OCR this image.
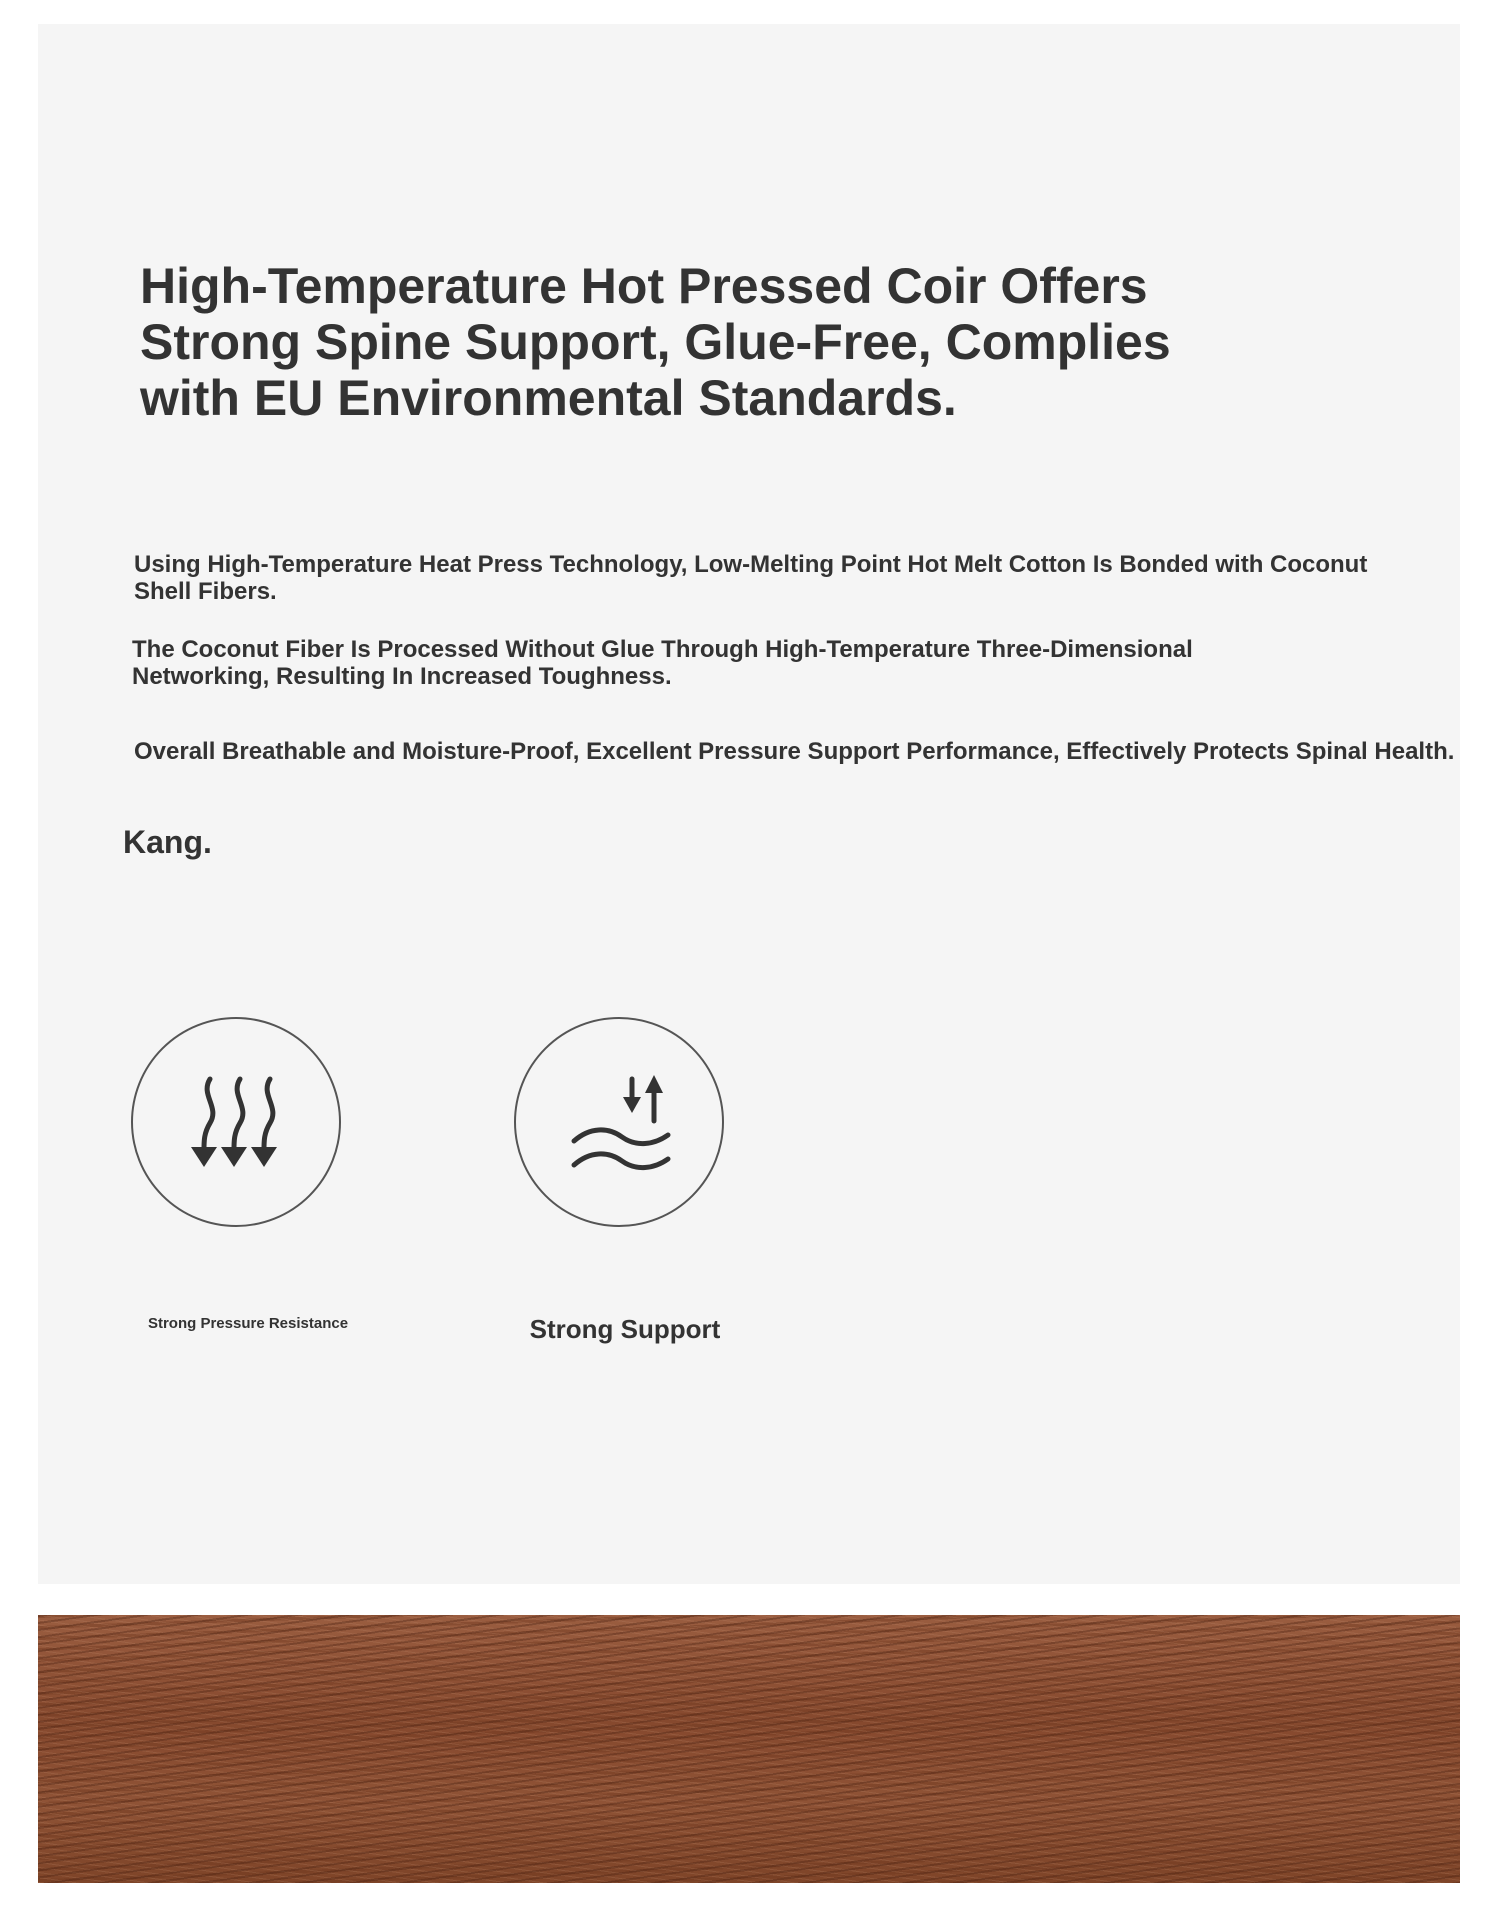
High-Temperature Hot Pressed Coir Offers Strong Spine Support, Glue-Free, Complies with EU Environmental Standards.

Using High-Temperature Heat Press Technology, Low-Melting Point Hot Melt Cotton Is Bonded with Coconut Shell Fibers.

The Coconut Fiber Is Processed Without Glue Through High-Temperature Three-Dimensional Networking, Resulting In Increased Toughness.

Overall Breathable and Moisture-Proof, Excellent Pressure Support Performance, Effectively Protects Spinal Health.

Kang.
Strong Pressure Resistance	Strong Support
